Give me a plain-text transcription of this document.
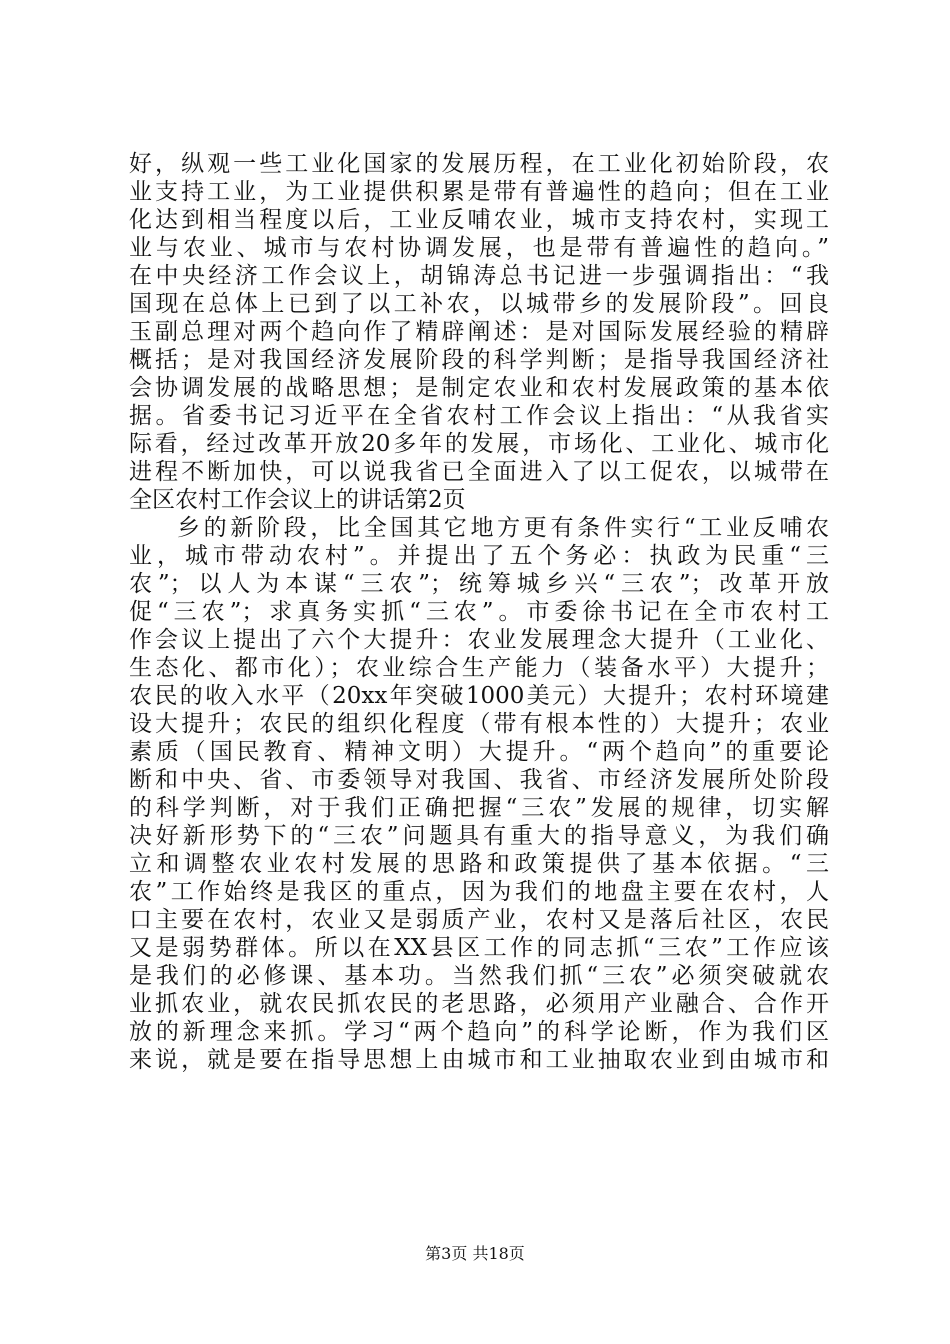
好，纵观一些工业化国家的发展历程，在工业化初始阶段，农
业支持工业，为工业提供积累是带有普遍性的趋向；但在工业
化达到相当程度以后，工业反哺农业，城市支持农村，实现工
业与农业、城市与农村协调发展，也是带有普遍性的趋向。”
在中央经济工作会议上，胡锦涛总书记进一步强调指出：“我
国现在总体上已到了以工补农，以城带乡的发展阶段”。回良
玉副总理对两个趋向作了精辟阐述：是对国际发展经验的精辟
概括；是对我国经济发展阶段的科学判断；是指导我国经济社
会协调发展的战略思想；是制定农业和农村发展政策的基本依
据。省委书记习近平在全省农村工作会议上指出：“从我省实
际看，经过改革开放20多年的发展，市场化、工业化、城市化
进程不断加快，可以说我省已全面进入了以工促农，以城带在
全区农村工作会议上的讲话第2页
乡的新阶段，比全国其它地方更有条件实行“工业反哺农
业，城市带动农村”。并提出了五个务必：执政为民重“三
农”；以人为本谋“三农”；统筹城乡兴“三农”；改革开放
促“三农”；求真务实抓“三农”。市委徐书记在全市农村工
作会议上提出了六个大提升：农业发展理念大提升（工业化、
生态化、都市化）；农业综合生产能力（装备水平）大提升；
农民的收入水平（20xx年突破1000美元）大提升；农村环境建
设大提升；农民的组织化程度（带有根本性的）大提升；农业
素质（国民教育、精神文明）大提升。“两个趋向”的重要论
断和中央、省、市委领导对我国、我省、市经济发展所处阶段
的科学判断，对于我们正确把握“三农”发展的规律，切实解
决好新形势下的“三农”问题具有重大的指导意义，为我们确
立和调整农业农村发展的思路和政策提供了基本依据。“三
农”工作始终是我区的重点，因为我们的地盘主要在农村，人
口主要在农村，农业又是弱质产业，农村又是落后社区，农民
又是弱势群体。所以在XX县区工作的同志抓“三农”工作应该
是我们的必修课、基本功。当然我们抓“三农”必须突破就农
业抓农业，就农民抓农民的老思路，必须用产业融合、合作开
放的新理念来抓。学习“两个趋向”的科学论断，作为我们区
来说，就是要在指导思想上由城市和工业抽取农业到由城市和
第3页 共18页
